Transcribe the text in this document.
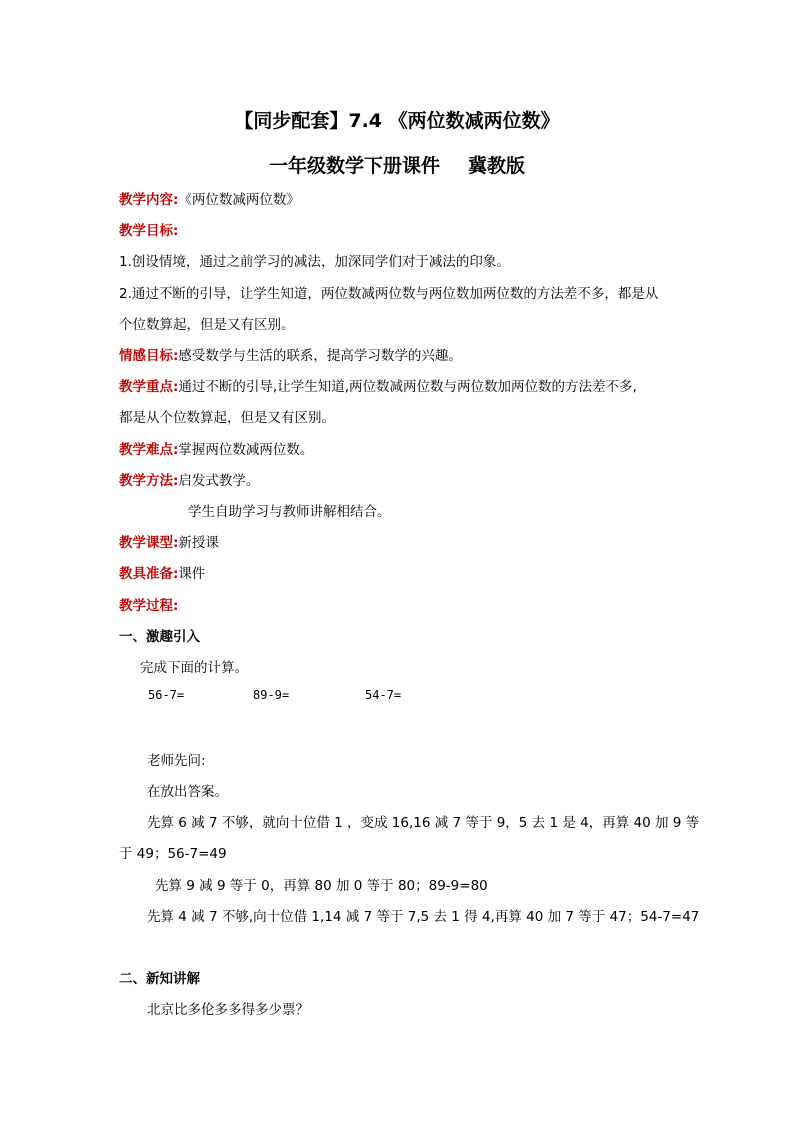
【同步配套】7.4 《两位数减两位数》
一年级数学下册课件 冀教版
教学内容:《两位数减两位数》
教学目标:
1.创设情境，通过之前学习的减法，加深同学们对于减法的印象。
2.通过不断的引导，让学生知道，两位数减两位数与两位数加两位数的方法差不多，都是从
个位数算起，但是又有区别。
情感目标:感受数学与生活的联系，提高学习数学的兴趣。
教学重点:通过不断的引导,让学生知道,两位数减两位数与两位数加两位数的方法差不多,
都是从个位数算起，但是又有区别。
教学难点:掌握两位数减两位数。
教学方法:启发式教学。
学生自助学习与教师讲解相结合。
教学课型:新授课
教具准备:课件
教学过程:
一、激趣引入
完成下面的计算。
56-7=	89-9=	54-7=
老师先问:
在放出答案。
先算 6 减 7 不够，就向十位借 1 ，变成 16,16 减 7 等于 9，5 去 1 是 4，再算 40 加 9 等
于 49；56-7=49
先算 9 减 9 等于 0，再算 80 加 0 等于 80；89-9=80
先算 4 减 7 不够,向十位借 1,14 减 7 等于 7,5 去 1 得 4,再算 40 加 7 等于 47；54-7=47
二、新知讲解
北京比多伦多多得多少票？
